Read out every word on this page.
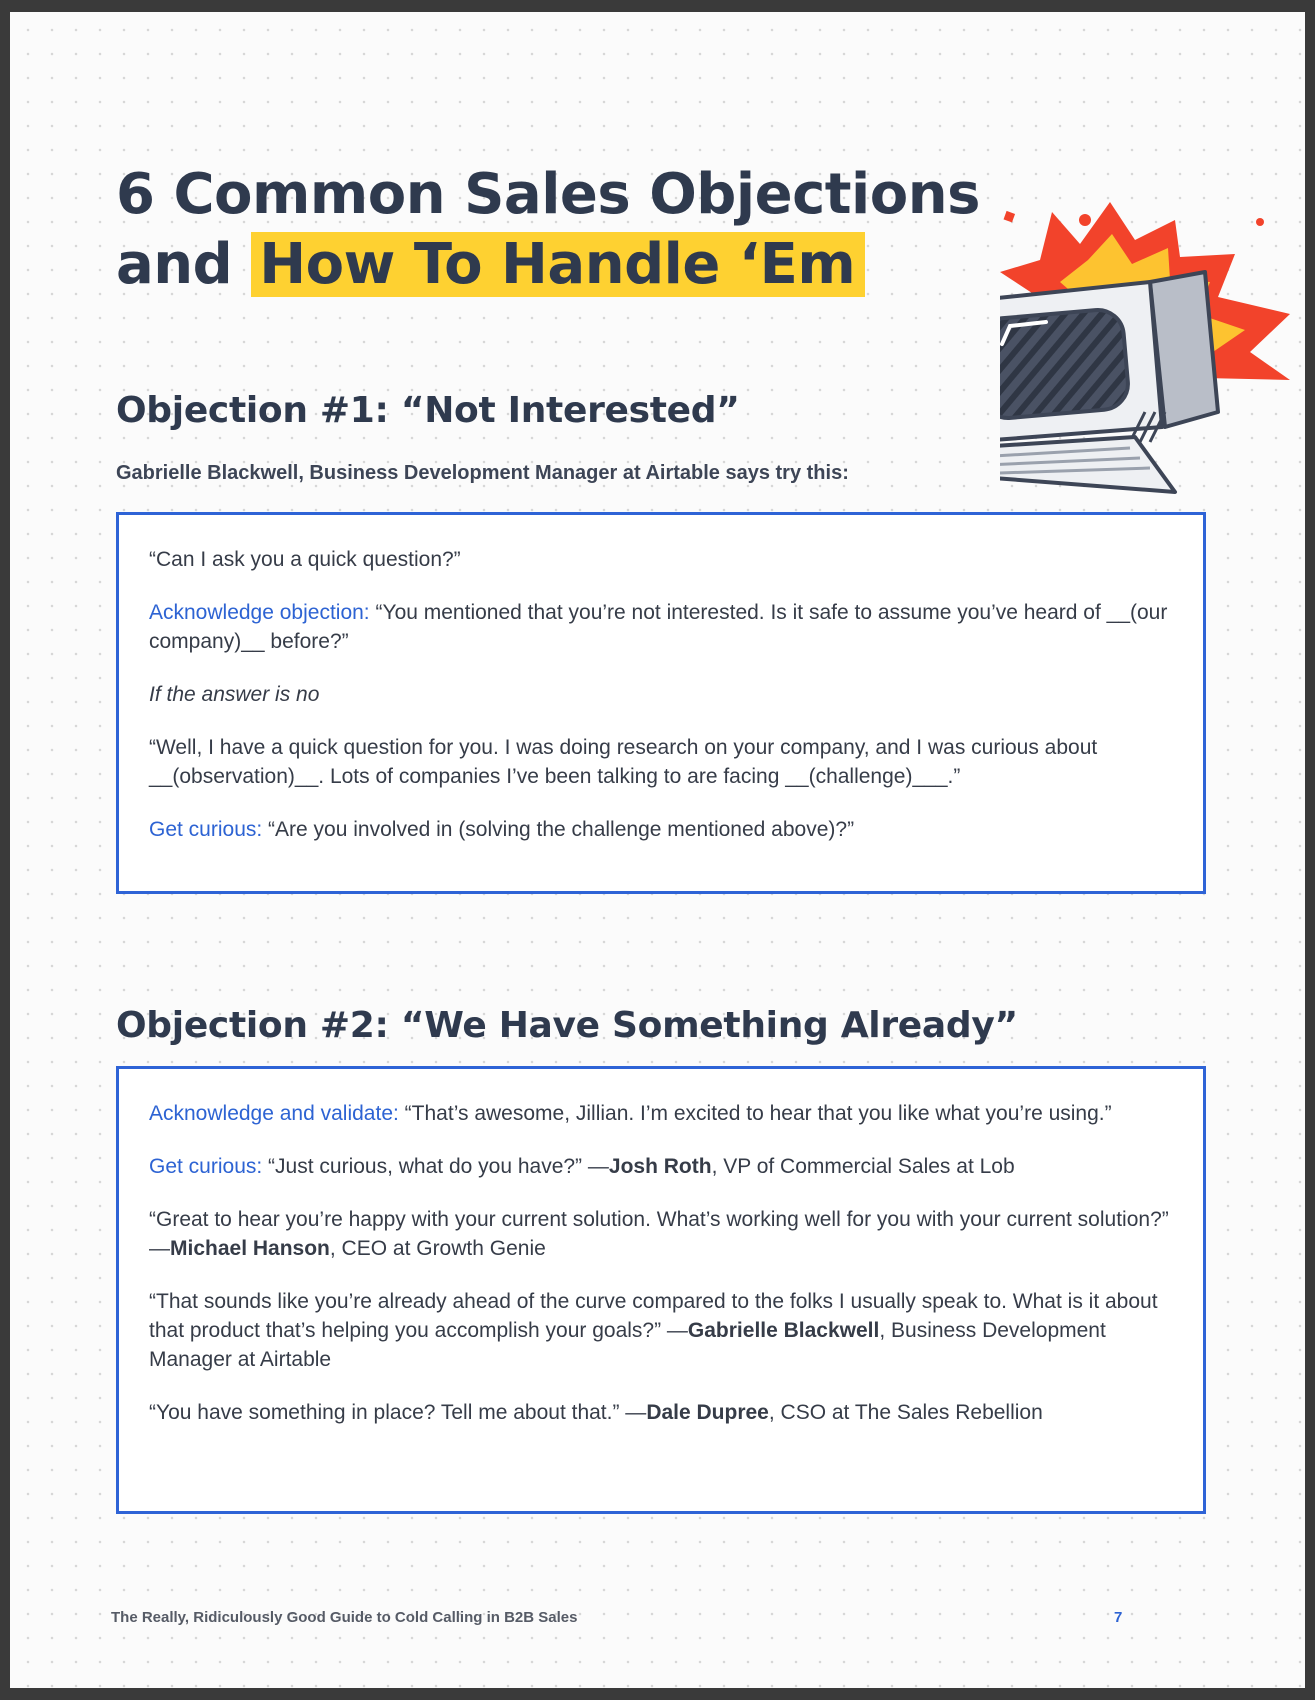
6 Common Sales Objections
and How To Handle ‘Em
Objection #1: “Not Interested”
Gabrielle Blackwell, Business Development Manager at Airtable says try this:

“Can I ask you a quick question?”

Acknowledge objection: “You mentioned that you’re not interested. Is it safe to assume you’ve heard of __(our company)__ before?”

If the answer is no

“Well, I have a quick question for you. I was doing research on your company, and I was curious about __(observation)__. Lots of companies I’ve been talking to are facing __(challenge)___.”

Get curious: “Are you involved in (solving the challenge mentioned above)?”

Objection #2: “We Have Something Already”

Acknowledge and validate: “That’s awesome, Jillian. I’m excited to hear that you like what you’re using.”

Get curious: “Just curious, what do you have?” —Josh Roth, VP of Commercial Sales at Lob

“Great to hear you’re happy with your current solution. What’s working well for you with your current solution?” —Michael Hanson, CEO at Growth Genie

“That sounds like you’re already ahead of the curve compared to the folks I usually speak to. What is it about that product that’s helping you accomplish your goals?” —Gabrielle Blackwell, Business Development Manager at Airtable

“You have something in place? Tell me about that.” —Dale Dupree, CSO at The Sales Rebellion

The Really, Ridiculously Good Guide to Cold Calling in B2B Sales	7
